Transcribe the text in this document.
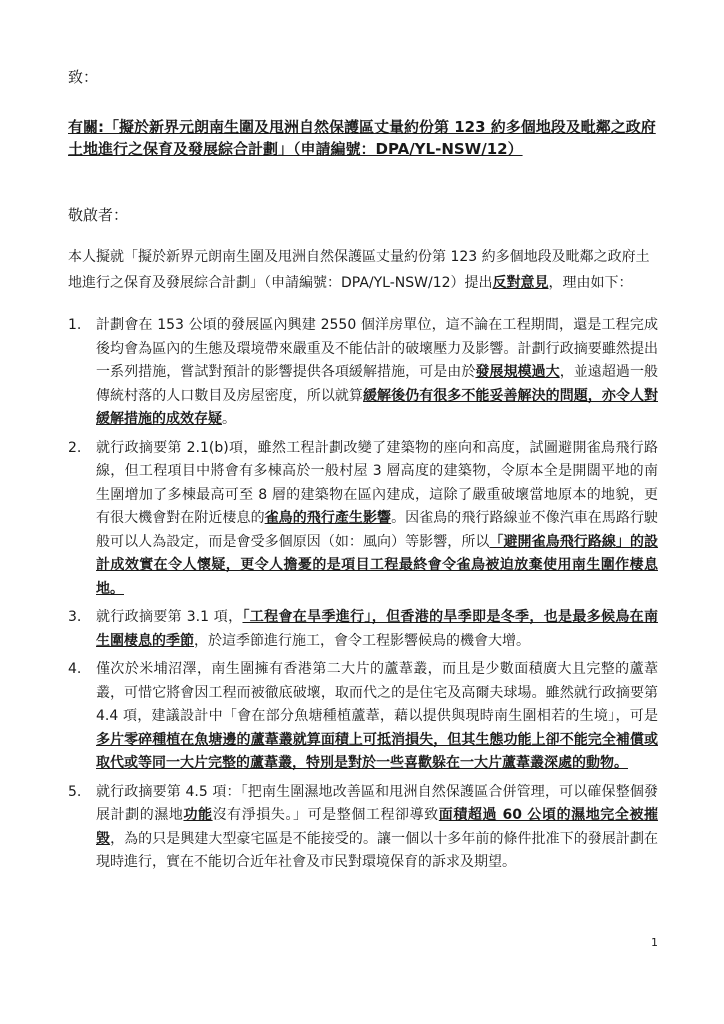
致：
有關:「擬於新界元朗南生圍及甩洲自然保護區丈量約份第 123 約多個地段及毗鄰之政府土地進行之保育及發展綜合計劃」（申請編號：DPA/YL-NSW/12）
敬啟者：
本人擬就「擬於新界元朗南生圍及甩洲自然保護區丈量約份第 123 約多個地段及毗鄰之政府土地進行之保育及發展綜合計劃」（申請編號：DPA/YL-NSW/12）提出反對意見，理由如下：
1. 計劃會在 153 公頃的發展區內興建 2550 個洋房單位，這不論在工程期間，還是工程完成後均會為區內的生態及環境帶來嚴重及不能估計的破壞壓力及影響。計劃行政摘要雖然提出一系列措施，嘗試對預計的影響提供各項緩解措施，可是由於發展規模過大，並遠超過一般傳統村落的人口數目及房屋密度，所以就算緩解後仍有很多不能妥善解決的問題，亦令人對緩解措施的成效存疑。
2. 就行政摘要第 2.1(b)項，雖然工程計劃改變了建築物的座向和高度，試圖避開雀鳥飛行路線，但工程項目中將會有多棟高於一般村屋 3 層高度的建築物，令原本全是開闊平地的南生圍增加了多棟最高可至 8 層的建築物在區內建成，這除了嚴重破壞當地原本的地貌，更有很大機會對在附近棲息的雀鳥的飛行產生影響。因雀鳥的飛行路線並不像汽車在馬路行駛般可以人為設定，而是會受多個原因（如：風向）等影響，所以「避開雀鳥飛行路線」的設計成效實在令人懷疑，更令人擔憂的是項目工程最終會令雀鳥被迫放棄使用南生圍作棲息地。
3. 就行政摘要第 3.1 項，「工程會在旱季進行」，但香港的旱季即是冬季，也是最多候鳥在南生圍棲息的季節，於這季節進行施工，會令工程影響候鳥的機會大增。
4. 僅次於米埔沼澤，南生圍擁有香港第二大片的蘆葦叢，而且是少數面積廣大且完整的蘆葦叢，可惜它將會因工程而被徹底破壞，取而代之的是住宅及高爾夫球場。雖然就行政摘要第 4.4 項，建議設計中「會在部分魚塘種植蘆葦，藉以提供與現時南生圍相若的生境」，可是多片零碎種植在魚塘邊的蘆葦叢就算面積上可抵消損失，但其生態功能上卻不能完全補償或取代或等同一大片完整的蘆葦叢，特別是對於一些喜歡躲在一大片蘆葦叢深處的動物。
5. 就行政摘要第 4.5 項：「把南生圍濕地改善區和甩洲自然保護區合併管理，可以確保整個發展計劃的濕地功能沒有淨損失。」可是整個工程卻導致面積超過 60 公頃的濕地完全被摧毀，為的只是興建大型豪宅區是不能接受的。讓一個以十多年前的條件批准下的發展計劃在現時進行，實在不能切合近年社會及市民對環境保育的訴求及期望。
1
